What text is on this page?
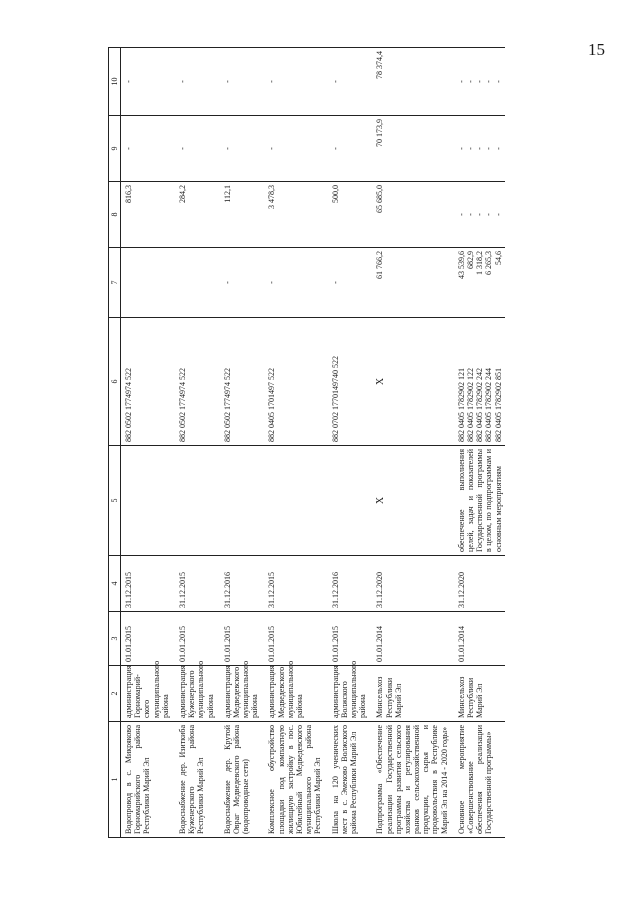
15
1	2	3	4	5	6	7	8	9	10
Водопровод в с. Микряково Горномарийского района Республики Марий Эл	администрация Горномарий-ского муниципального района	01.01.2015	31.12.2015		882 0502 1774974 522		816,3	-	-
Водоснабжение дер. Изиткиба Куженерского района Республики Марий Эл	администрация Куженерского муниципального района	01.01.2015	31.12.2015		882 0502 1774974 522		284,2	-	-
Водоснабжение дер. Крутой Овраг Медведевского района (водопроводные сети)	администрация Медведевского муниципального района	01.01.2015	31.12.2016		882 0502 1774974 522	-	112,1	-	-
Комплексное обустройство площадки под компактную жилищную застройку в пос. Юбилейный Медведевского муниципального района Республики Марий Эл	администрация Медведевского муниципального района	01.01.2015	31.12.2015		882 0405 1701497 522	-	3 478,3	-	-
Школа на 120 ученических мест в с. Эмеково Волжского района Республики Марий Эл	администрация Волжского муниципального района	01.01.2015	31.12.2016		882 0702 1770149740 522	-	500,0	-	-
Подпрограмма «Обеспечение реализации Государственной программы развития сельского хозяйства и регулирования рынков сельскохозяйственной продукции, сырья и продовольствия в Республике Марий Эл на 2014 - 2020 годы»	Минсельхоз Республики Марий Эл	01.01.2014	31.12.2020	X	X	61 766,2	65 685,0	70 173,9	78 374,4
Основное мероприятие «Совершенствование обеспечения реализации Государственной программы»	Минсельхоз Республики Марий Эл	01.01.2014	31.12.2020	обеспечение выполнения целей, задач и показателей Государственной программы в целом, по подпрограммам и основным мероприятиям	882 0405 1782902 121 882 0405 1782902 122 882 0405 1782902 242 882 0405 1782902 244 882 0405 1782902 851	43 539,6 682,9 1 318,2 6 265,3 54,6	- - - - -	- - - - -	- - - - -
